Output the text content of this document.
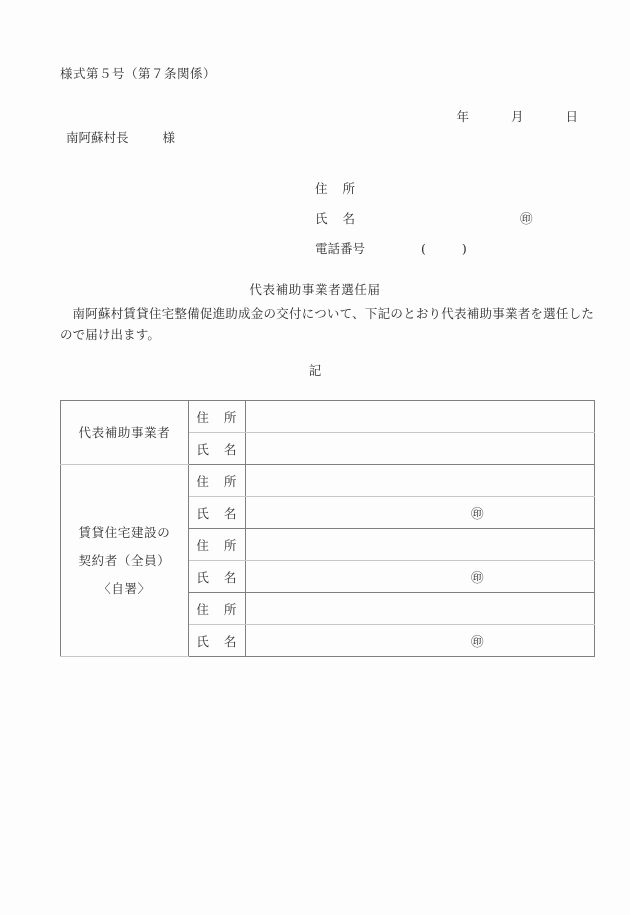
様式第５号（第７条関係）
年	月	日
南阿蘇村長	様
住　所
氏　名	㊞
電話番号	(	)
代表補助事業者選任届
南阿蘇村賃貸住宅整備促進助成金の交付について、下記のとおり代表補助事業者を選任したので届け出ます。
記
代表補助事業者	住　所	
	氏　名	

賃貸住宅建設の
契約者（全員）
〈自署〉	住　所	
	氏　名	㊞

	住　所	
	氏　名	㊞

	住　所	
	氏　名	㊞
